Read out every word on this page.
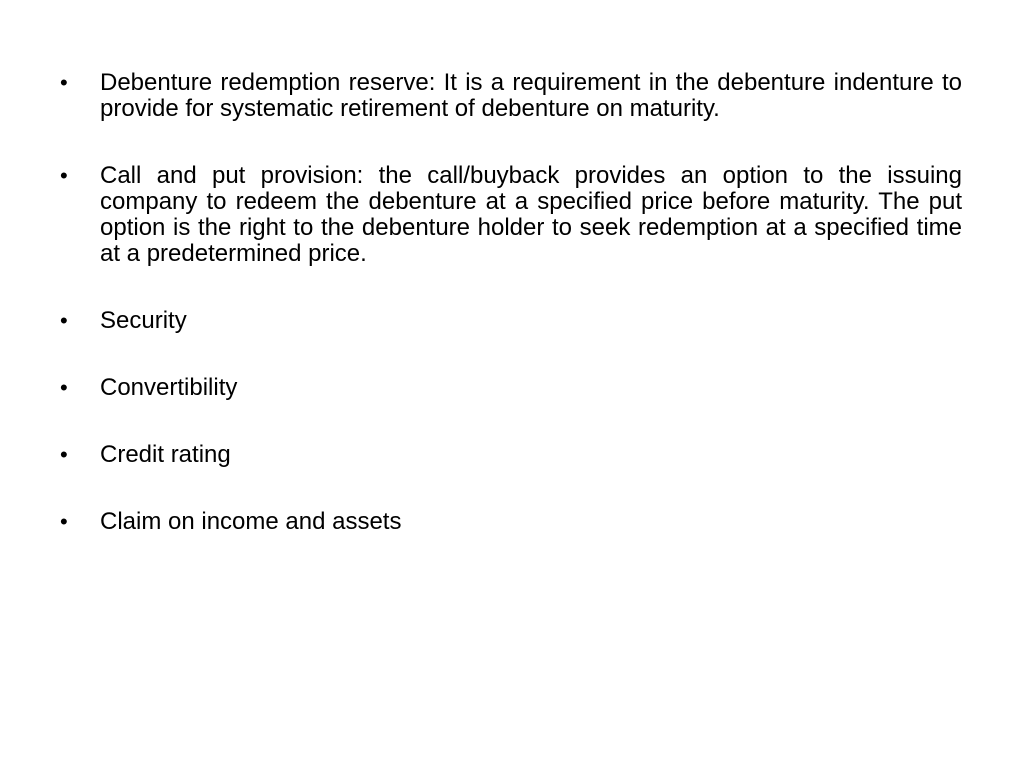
•	Debenture redemption reserve: It is a requirement in the debenture indenture to provide for systematic retirement of debenture on maturity.
•	Call and put provision: the call/buyback provides an option to the issuing company to redeem the debenture at a specified price before maturity. The put option is the right to the debenture holder to seek redemption at a specified time at a predetermined price.
•	Security
•	Convertibility
•	Credit rating
•	Claim on income and assets
